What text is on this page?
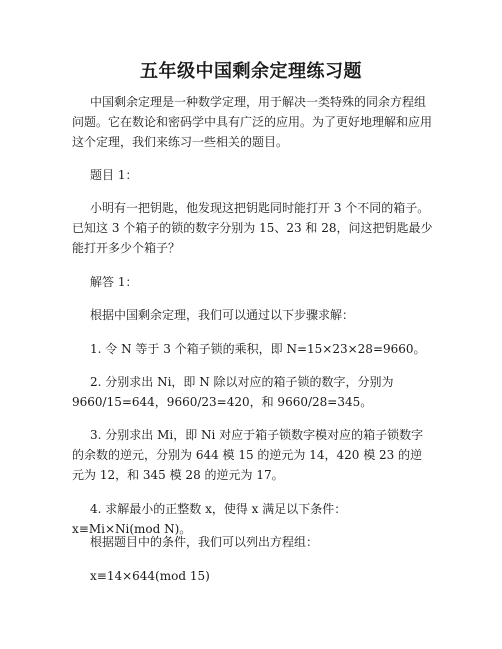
五年级中国剩余定理练习题

中国剩余定理是一种数学定理，用于解决一类特殊的同余方程组问题。它在数论和密码学中具有广泛的应用。为了更好地理解和应用这个定理，我们来练习一些相关的题目。

题目 1：

小明有一把钥匙，他发现这把钥匙同时能打开 3 个不同的箱子。已知这 3 个箱子的锁的数字分别为 15、23 和 28，问这把钥匙最少能打开多少个箱子？

解答 1：

根据中国剩余定理，我们可以通过以下步骤求解：

1. 令 N 等于 3 个箱子锁的乘积，即 N=15×23×28=9660。

2. 分别求出 Ni，即 N 除以对应的箱子锁的数字，分别为 9660/15=644，9660/23=420，和 9660/28=345。

3. 分别求出 Mi，即 Ni 对应于箱子锁数字模对应的箱子锁数字的余数的逆元，分别为 644 模 15 的逆元为 14，420 模 23 的逆元为 12，和 345 模 28 的逆元为 17。

4. 求解最小的正整数 x，使得 x 满足以下条件：x≡Mi×Ni(mod N)。

根据题目中的条件，我们可以列出方程组：

x≡14×644(mod 15)
